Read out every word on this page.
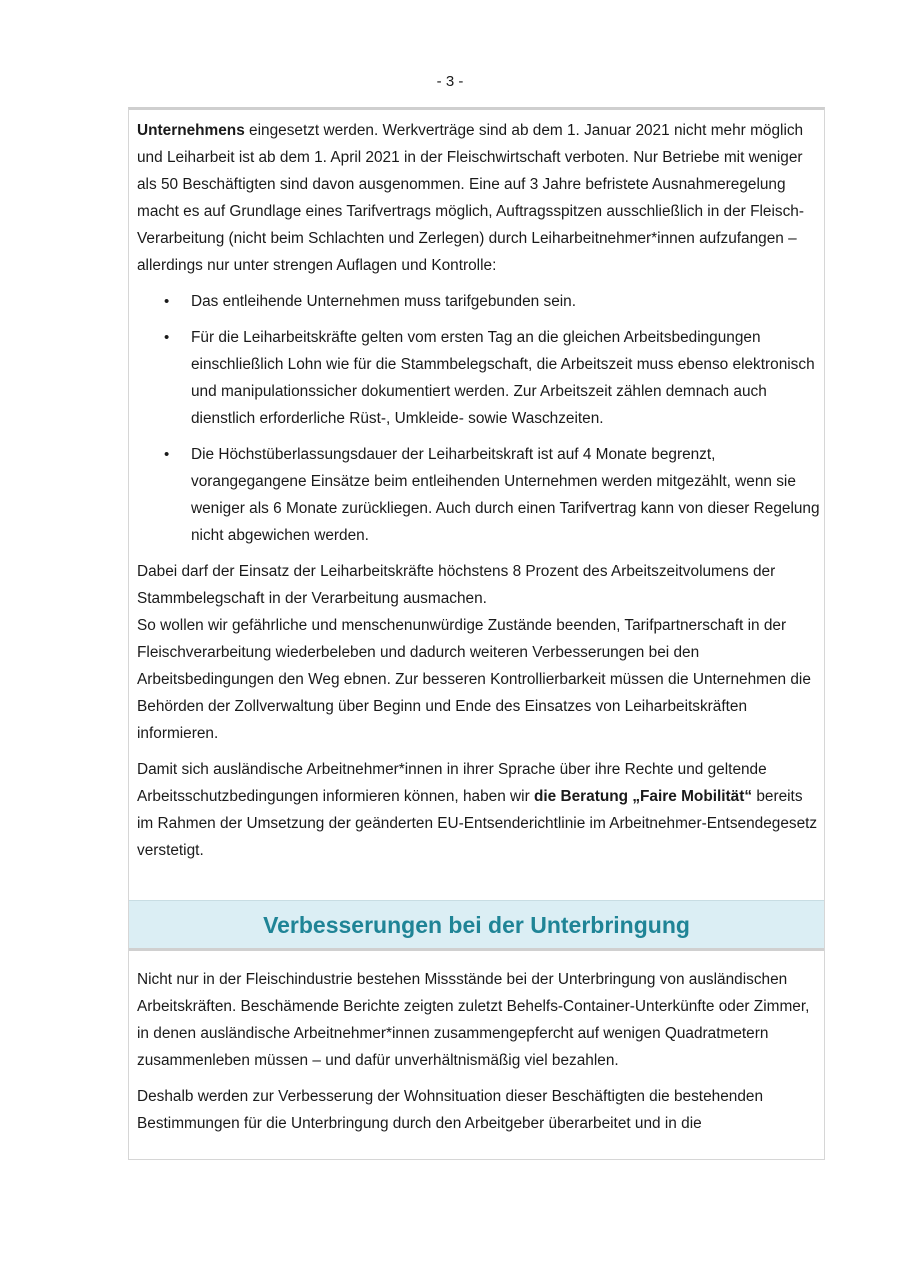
- 3 -

Unternehmens eingesetzt werden. Werkverträge sind ab dem 1. Januar 2021 nicht mehr möglich und Leiharbeit ist ab dem 1. April 2021 in der Fleischwirtschaft verboten. Nur Betriebe mit weniger als 50 Beschäftigten sind davon ausgenommen. Eine auf 3 Jahre befristete Ausnahmeregelung macht es auf Grundlage eines Tarifvertrags möglich, Auftragsspitzen ausschließlich in der Fleisch-Verarbeitung (nicht beim Schlachten und Zerlegen) durch Leiharbeitnehmer*innen aufzufangen – allerdings nur unter strengen Auflagen und Kontrolle:

• Das entleihende Unternehmen muss tarifgebunden sein.
• Für die Leiharbeitskräfte gelten vom ersten Tag an die gleichen Arbeitsbedingungen einschließlich Lohn wie für die Stammbelegschaft, die Arbeitszeit muss ebenso elektronisch und manipulationssicher dokumentiert werden. Zur Arbeitszeit zählen demnach auch dienstlich erforderliche Rüst-, Umkleide- sowie Waschzeiten.
• Die Höchstüberlassungsdauer der Leiharbeitskraft ist auf 4 Monate begrenzt, vorangegangene Einsätze beim entleihenden Unternehmen werden mitgezählt, wenn sie weniger als 6 Monate zurückliegen. Auch durch einen Tarifvertrag kann von dieser Regelung nicht abgewichen werden.

Dabei darf der Einsatz der Leiharbeitskräfte höchstens 8 Prozent des Arbeitszeitvolumens der Stammbelegschaft in der Verarbeitung ausmachen.

So wollen wir gefährliche und menschenunwürdige Zustände beenden, Tarifpartnerschaft in der Fleischverarbeitung wiederbeleben und dadurch weiteren Verbesserungen bei den Arbeitsbedingungen den Weg ebnen. Zur besseren Kontrollierbarkeit müssen die Unternehmen die Behörden der Zollverwaltung über Beginn und Ende des Einsatzes von Leiharbeitskräften informieren.

Damit sich ausländische Arbeitnehmer*innen in ihrer Sprache über ihre Rechte und geltende Arbeitsschutzbedingungen informieren können, haben wir die Beratung „Faire Mobilität“ bereits im Rahmen der Umsetzung der geänderten EU-Entsenderichtlinie im Arbeitnehmer-Entsendegesetz verstetigt.

Verbesserungen bei der Unterbringung

Nicht nur in der Fleischindustrie bestehen Missstände bei der Unterbringung von ausländischen Arbeitskräften. Beschämende Berichte zeigten zuletzt Behelfs-Container-Unterkünfte oder Zimmer, in denen ausländische Arbeitnehmer*innen zusammengepfercht auf wenigen Quadratmetern zusammenleben müssen – und dafür unverhältnismäßig viel bezahlen.

Deshalb werden zur Verbesserung der Wohnsituation dieser Beschäftigten die bestehenden Bestimmungen für die Unterbringung durch den Arbeitgeber überarbeitet und in die
